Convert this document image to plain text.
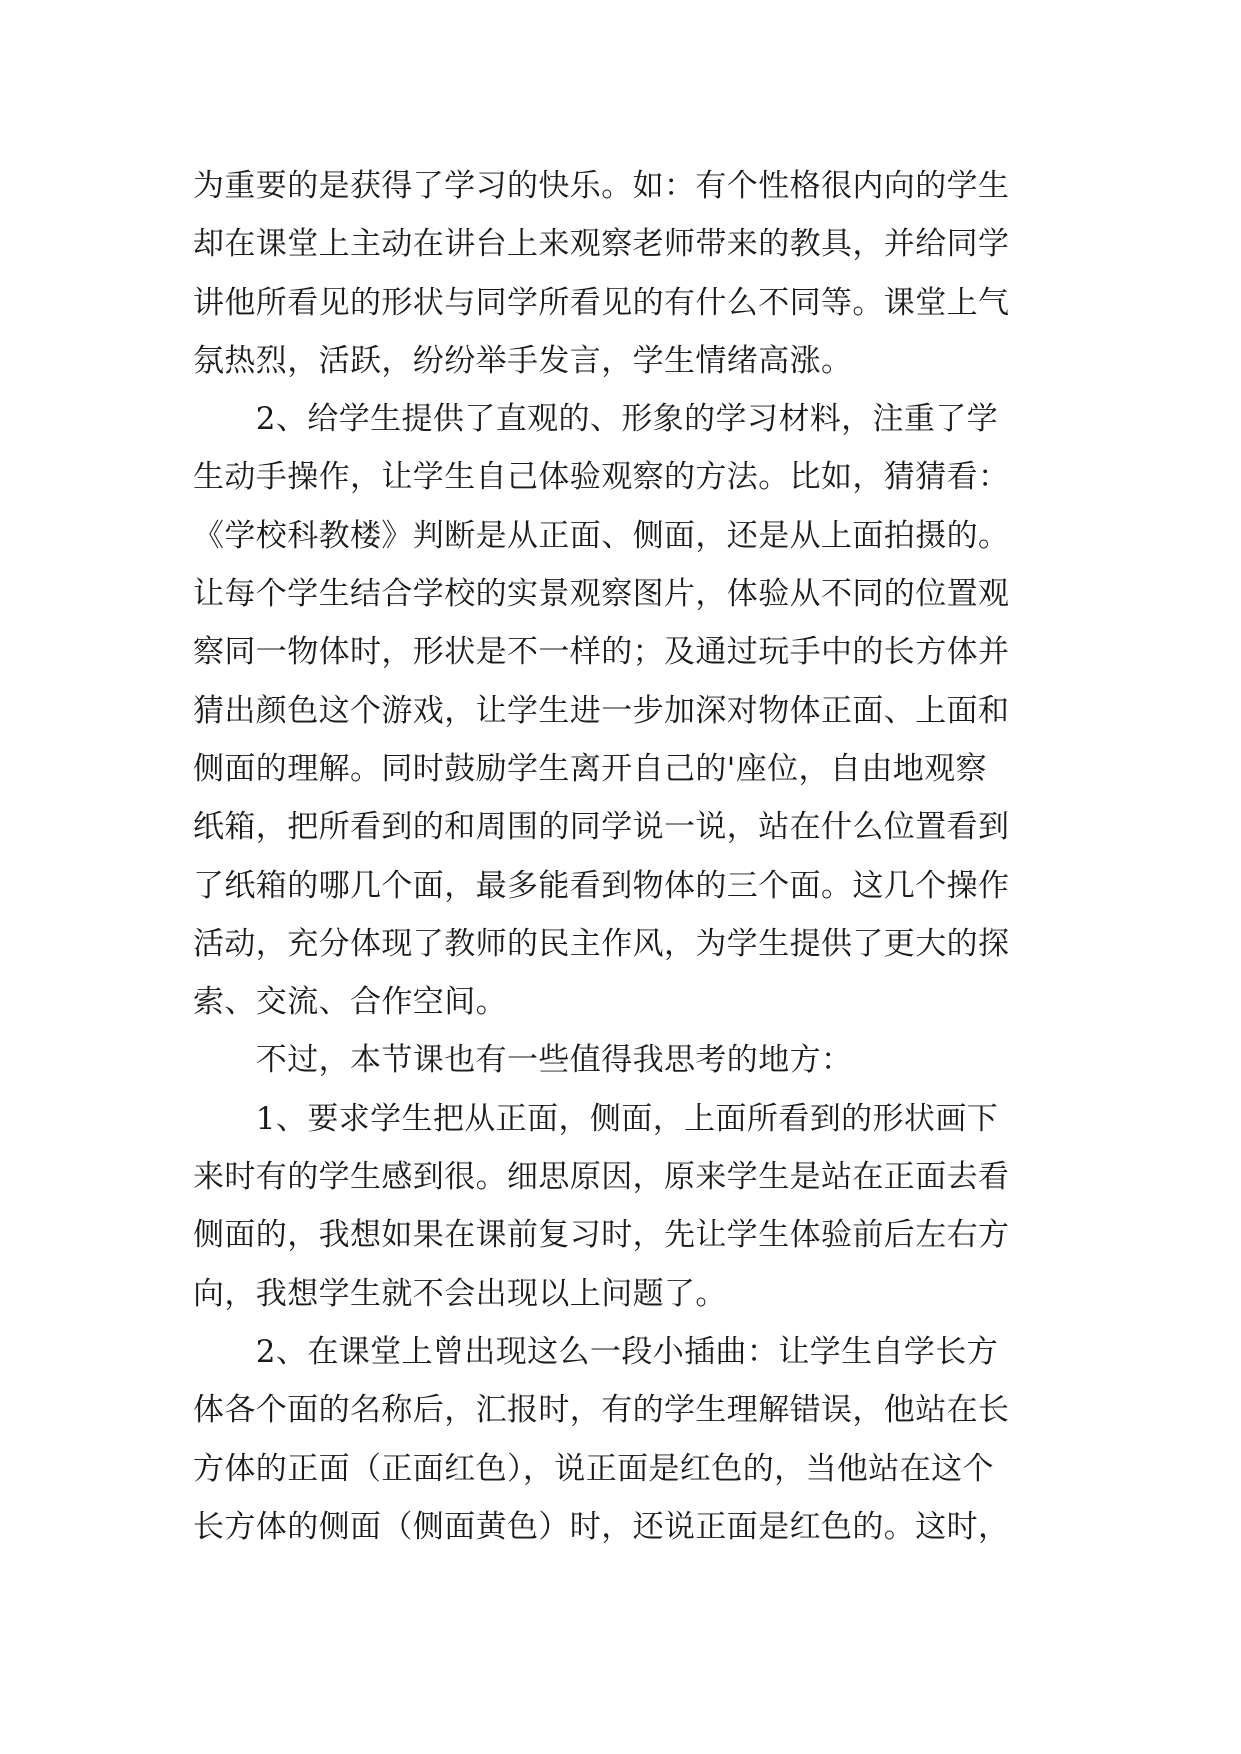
为重要的是获得了学习的快乐。如：有个性格很内向的学生
却在课堂上主动在讲台上来观察老师带来的教具，并给同学
讲他所看见的形状与同学所看见的有什么不同等。课堂上气
氛热烈，活跃，纷纷举手发言，学生情绪高涨。
　　2、给学生提供了直观的、形象的学习材料，注重了学
生动手操作，让学生自己体验观察的方法。比如，猜猜看：
《学校科教楼》判断是从正面、侧面，还是从上面拍摄的。
让每个学生结合学校的实景观察图片，体验从不同的位置观
察同一物体时，形状是不一样的；及通过玩手中的长方体并
猜出颜色这个游戏，让学生进一步加深对物体正面、上面和
侧面的理解。同时鼓励学生离开自己的'座位，自由地观察
纸箱，把所看到的和周围的同学说一说，站在什么位置看到
了纸箱的哪几个面，最多能看到物体的三个面。这几个操作
活动，充分体现了教师的民主作风，为学生提供了更大的探
索、交流、合作空间。
　　不过，本节课也有一些值得我思考的地方：
　　1、要求学生把从正面，侧面，上面所看到的形状画下
来时有的学生感到很。细思原因，原来学生是站在正面去看
侧面的，我想如果在课前复习时，先让学生体验前后左右方
向，我想学生就不会出现以上问题了。
　　2、在课堂上曾出现这么一段小插曲：让学生自学长方
体各个面的名称后，汇报时，有的学生理解错误，他站在长
方体的正面（正面红色），说正面是红色的，当他站在这个
长方体的侧面（侧面黄色）时，还说正面是红色的。这时，
